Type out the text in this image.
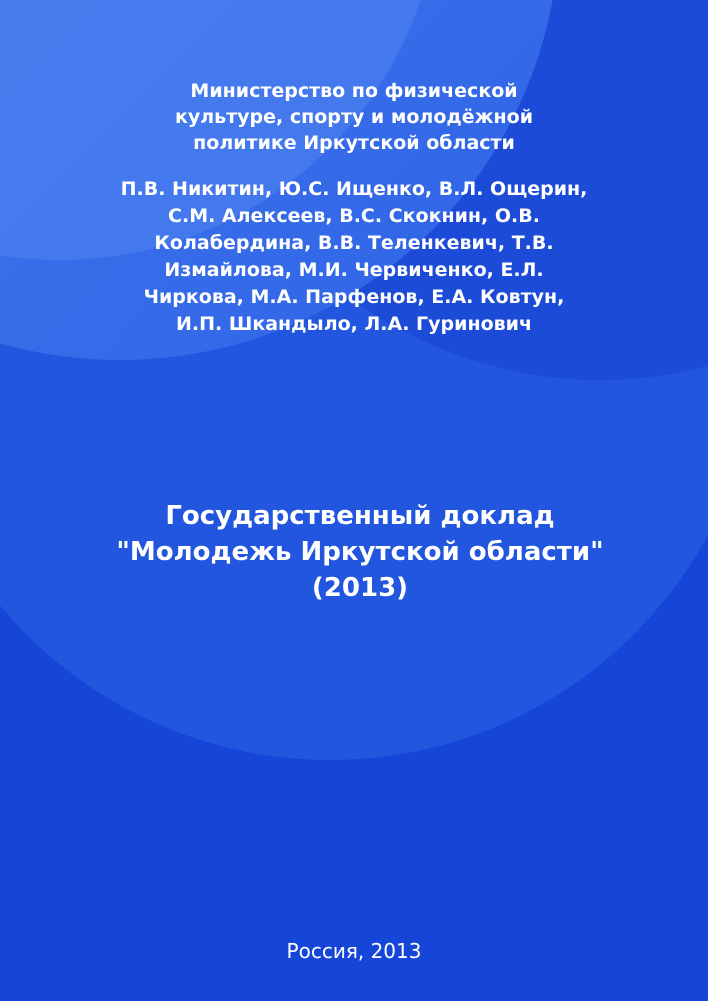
Министерство по физической
культуре, спорту и молодёжной
политике Иркутской области
П.В. Никитин, Ю.С. Ищенко, В.Л. Ощерин,
С.М. Алексеев, В.С. Скокнин, О.В.
Колабердина, В.В. Теленкевич, Т.В.
Измайлова, М.И. Червиченко, Е.Л.
Чиркова, М.А. Парфенов, Е.А. Ковтун,
И.П. Шкандыло, Л.А. Гуринович
Государственный доклад
"Молодежь Иркутской области"
(2013)
Россия, 2013
